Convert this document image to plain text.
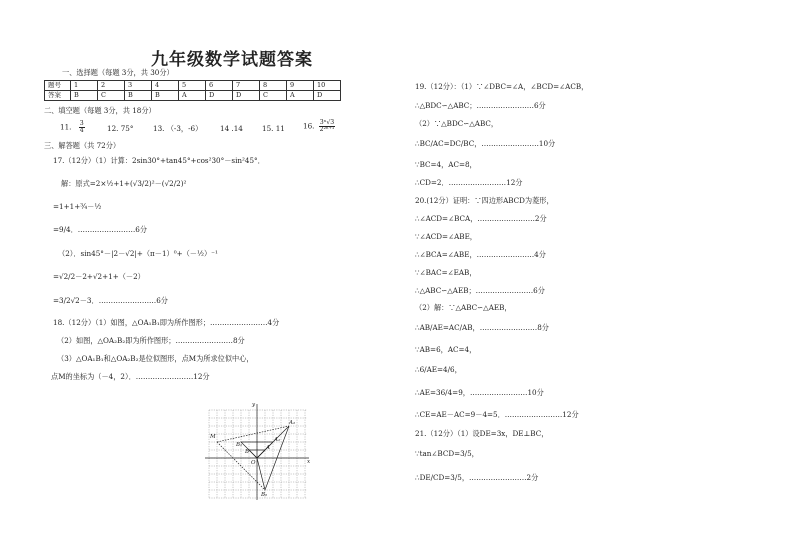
九年级数学试题答案
一、选择题（每题 3分，共 30分）
题号	1	2	3	4	5	6	7	8	9	10
答案	B	C	B	B	A	D	D	C	A	D
二、填空题（每题 3分，共 18分）
11. $\frac{3}{4}$	12. 75°	13. （-3，-6） 14 .14	15. 11	16. $\frac{\text{3ⁿ√3}}{\text{2²ⁿ⁺¹}}$
三、解答题（共 72分）
17.（12分）（1）计算：2sin30°+tan45°+cos²30°－sin²45°．
解：原式=2×½+1+(√3/2)²－(√2/2)²
=1+1+¾－½
=9/4．……………………6分
（2）．sin45°－|2－√2|+（π－1）⁰+（－½）⁻¹
=√2/2－2+√2+1+（－2）
=3/2√2－3．……………………6分
18.（12分）（1）如图，△OA₁B₁即为所作图形；……………………4分
（2）如图，△OA₂B₂即为所作图形；……………………8分
（3）△OA₁B₁和△OA₂B₂是位似图形，点M为所求位似中心，
点M的坐标为（－4，2）．……………………12分
y
x
O
M
A
B
A₁
B₁
A₂
B₂
19.（12分）：（1）∵∠DBC=∠A，∠BCD=∠ACB，
∴△BDC∽△ABC；……………………6分
（2）∵△BDC∽△ABC，
∴BC/AC=DC/BC，……………………10分
∵BC=4，AC=8，
∴CD=2．……………………12分
20.(12分）证明：∵四边形ABCD为菱形，
∴∠ACD=∠BCA，……………………2分
∵∠ACD=∠ABE，
∴∠BCA=∠ABE，……………………4分
∵∠BAC=∠EAB，
∴△ABC∽△AEB；……………………6分
（2）解：∵△ABC∽△AEB，
∴AB/AE=AC/AB，……………………8分
∵AB=6，AC=4，
∴6/AE=4/6，
∴AE=36/4=9，……………………10分
∴CE=AE－AC=9－4=5．……………………12分
21.（12分）（1）设DE=3x，DE⊥BC，
∵tan∠BCD=3/5，
∴DE/CD=3/5，……………………2分
